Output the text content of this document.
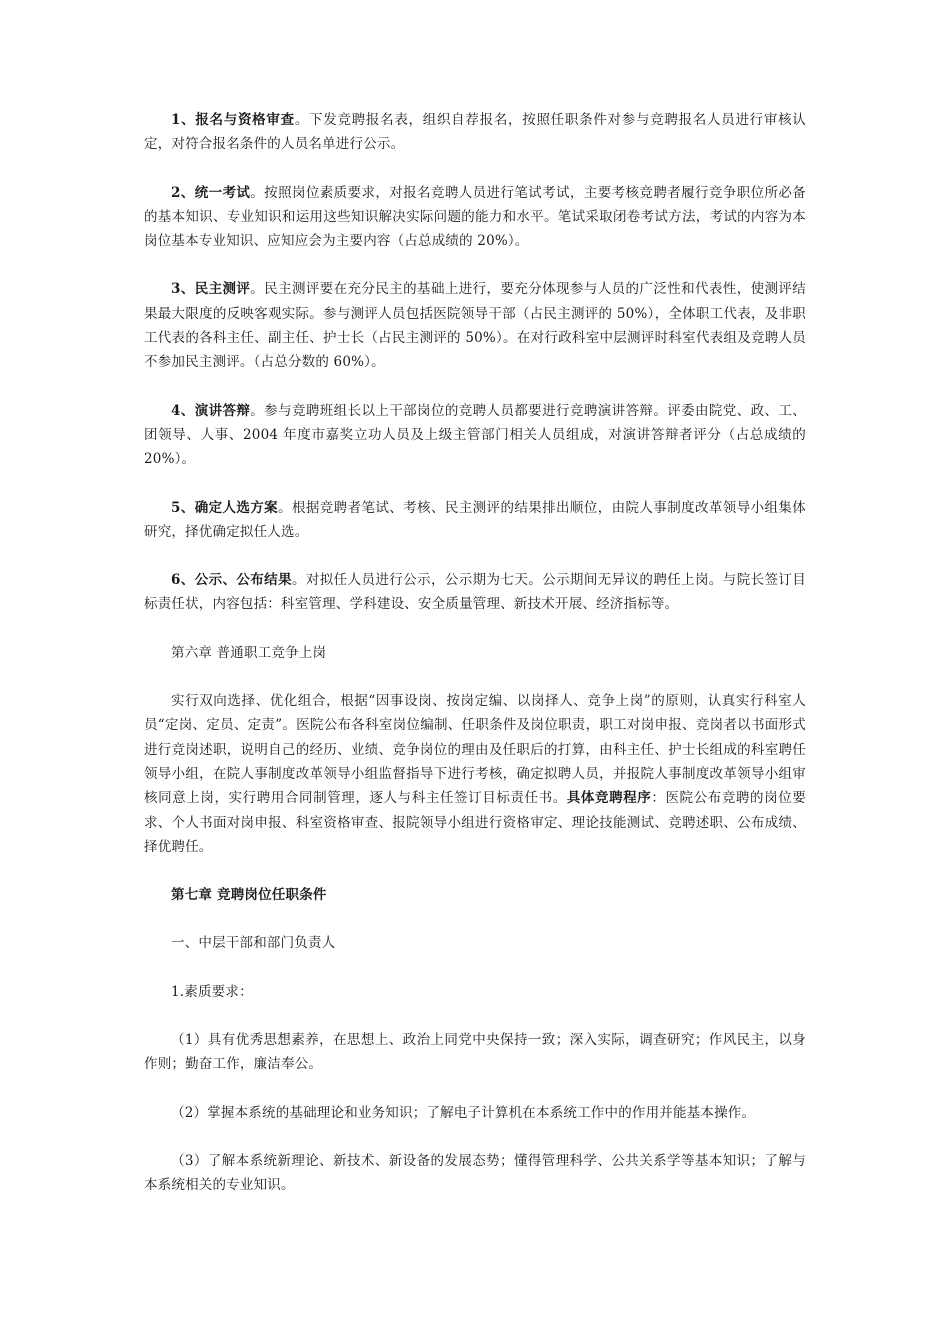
1、报名与资格审查。下发竞聘报名表，组织自荐报名，按照任职条件对参与竞聘报名人员进行审核认定，对符合报名条件的人员名单进行公示。

2、统一考试。按照岗位素质要求，对报名竞聘人员进行笔试考试，主要考核竞聘者履行竞争职位所必备的基本知识、专业知识和运用这些知识解决实际问题的能力和水平。笔试采取闭卷考试方法，考试的内容为本岗位基本专业知识、应知应会为主要内容（占总成绩的 20%）。

3、民主测评。民主测评要在充分民主的基础上进行，要充分体现参与人员的广泛性和代表性，使测评结果最大限度的反映客观实际。参与测评人员包括医院领导干部（占民主测评的 50%），全体职工代表，及非职工代表的各科主任、副主任、护士长（占民主测评的 50%）。在对行政科室中层测评时科室代表组及竞聘人员不参加民主测评。（占总分数的 60%）。

4、演讲答辩。参与竞聘班组长以上干部岗位的竞聘人员都要进行竞聘演讲答辩。评委由院党、政、工、团领导、人事、2004 年度市嘉奖立功人员及上级主管部门相关人员组成，对演讲答辩者评分（占总成绩的 20%）。

5、确定人选方案。根据竞聘者笔试、考核、民主测评的结果排出顺位，由院人事制度改革领导小组集体研究，择优确定拟任人选。

6、公示、公布结果。对拟任人员进行公示，公示期为七天。公示期间无异议的聘任上岗。与院长签订目标责任状，内容包括：科室管理、学科建设、安全质量管理、新技术开展、经济指标等。

第六章 普通职工竞争上岗

实行双向选择、优化组合，根据“因事设岗、按岗定编、以岗择人、竞争上岗”的原则，认真实行科室人员“定岗、定员、定责”。医院公布各科室岗位编制、任职条件及岗位职责，职工对岗申报、竞岗者以书面形式进行竞岗述职，说明自己的经历、业绩、竞争岗位的理由及任职后的打算，由科主任、护士长组成的科室聘任领导小组，在院人事制度改革领导小组监督指导下进行考核，确定拟聘人员，并报院人事制度改革领导小组审核同意上岗，实行聘用合同制管理，逐人与科主任签订目标责任书。具体竞聘程序：医院公布竞聘的岗位要求、个人书面对岗申报、科室资格审查、报院领导小组进行资格审定、理论技能测试、竞聘述职、公布成绩、择优聘任。

第七章 竞聘岗位任职条件

一、中层干部和部门负责人

1.素质要求：

（1）具有优秀思想素养，在思想上、政治上同党中央保持一致；深入实际，调查研究；作风民主，以身作则；勤奋工作，廉洁奉公。

（2）掌握本系统的基础理论和业务知识；了解电子计算机在本系统工作中的作用并能基本操作。

（3）了解本系统新理论、新技术、新设备的发展态势；懂得管理科学、公共关系学等基本知识；了解与本系统相关的专业知识。
